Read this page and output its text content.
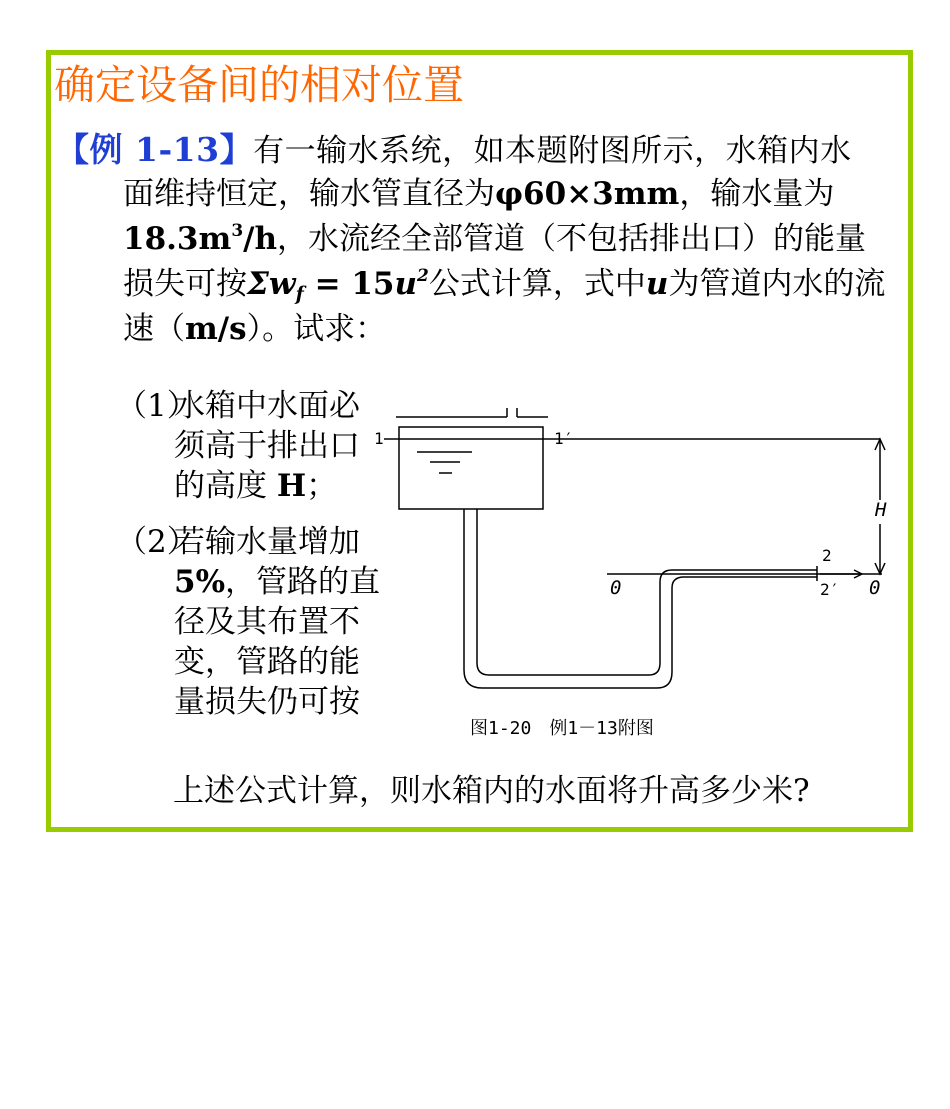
确定设备间的相对位置
【例 1-13】有一输水系统，如本题附图所示，水箱内水
面维持恒定，输水管直径为φ60×3mm，输水量为
$18.3m^3/h$，水流经全部管道（不包括排出口）的能量
损失可按$\Sigma w_f = 15u^2$公式计算，式中u为管道内水的流
速（m/s）。试求：
（1）
水箱中水面必
须高于排出口
的高度 H；
（2）
若输水量增加
5%，管路的直
径及其布置不
变，管路的能
量损失仍可按
上述公式计算，则水箱内的水面将升高多少米?
1	1′
H
2
2′
0	0
图1-20　例1－13附图
